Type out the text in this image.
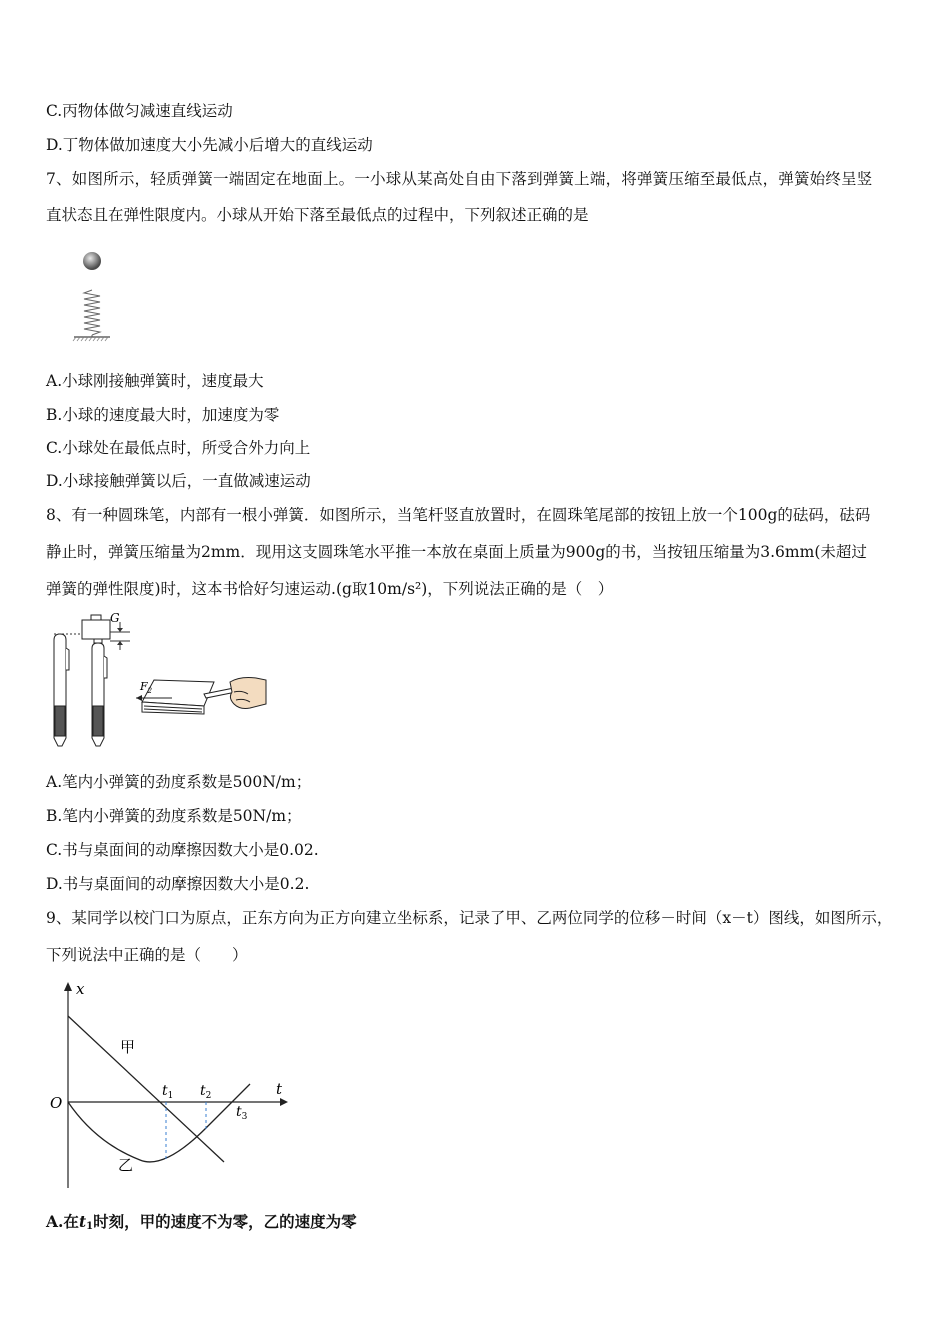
C.丙物体做匀减速直线运动
D.丁物体做加速度大小先减小后增大的直线运动
7、如图所示，轻质弹簧一端固定在地面上。一小球从某高处自由下落到弹簧上端，将弹簧压缩至最低点，弹簧始终呈竖
直状态且在弹性限度内。小球从开始下落至最低点的过程中，下列叙述正确的是
A.小球刚接触弹簧时，速度最大
B.小球的速度最大时，加速度为零
C.小球处在最低点时，所受合外力向上
D.小球接触弹簧以后，一直做减速运动
8、有一种圆珠笔，内部有一根小弹簧．如图所示，当笔杆竖直放置时，在圆珠笔尾部的按钮上放一个100g的砝码，砝码
静止时，弹簧压缩量为2mm．现用这支圆珠笔水平推一本放在桌面上质量为900g的书，当按钮压缩量为3.6mm(未超过
弹簧的弹性限度)时，这本书恰好匀速运动.(g取10m/s²)，下列说法正确的是（　）
G
$F_2$
A.笔内小弹簧的劲度系数是500N/m；
B.笔内小弹簧的劲度系数是50N/m；
C.书与桌面间的动摩擦因数大小是0.02.
D.书与桌面间的动摩擦因数大小是0.2.
9、某同学以校门口为原点，正东方向为正方向建立坐标系，记录了甲、乙两位同学的位移－时间（x－t）图线，如图所示，
下列说法中正确的是（　　）
x
t
O
甲
乙
$t_1$ $t_2$
$t_3$
A.在t1时刻，甲的速度不为零，乙的速度为零
